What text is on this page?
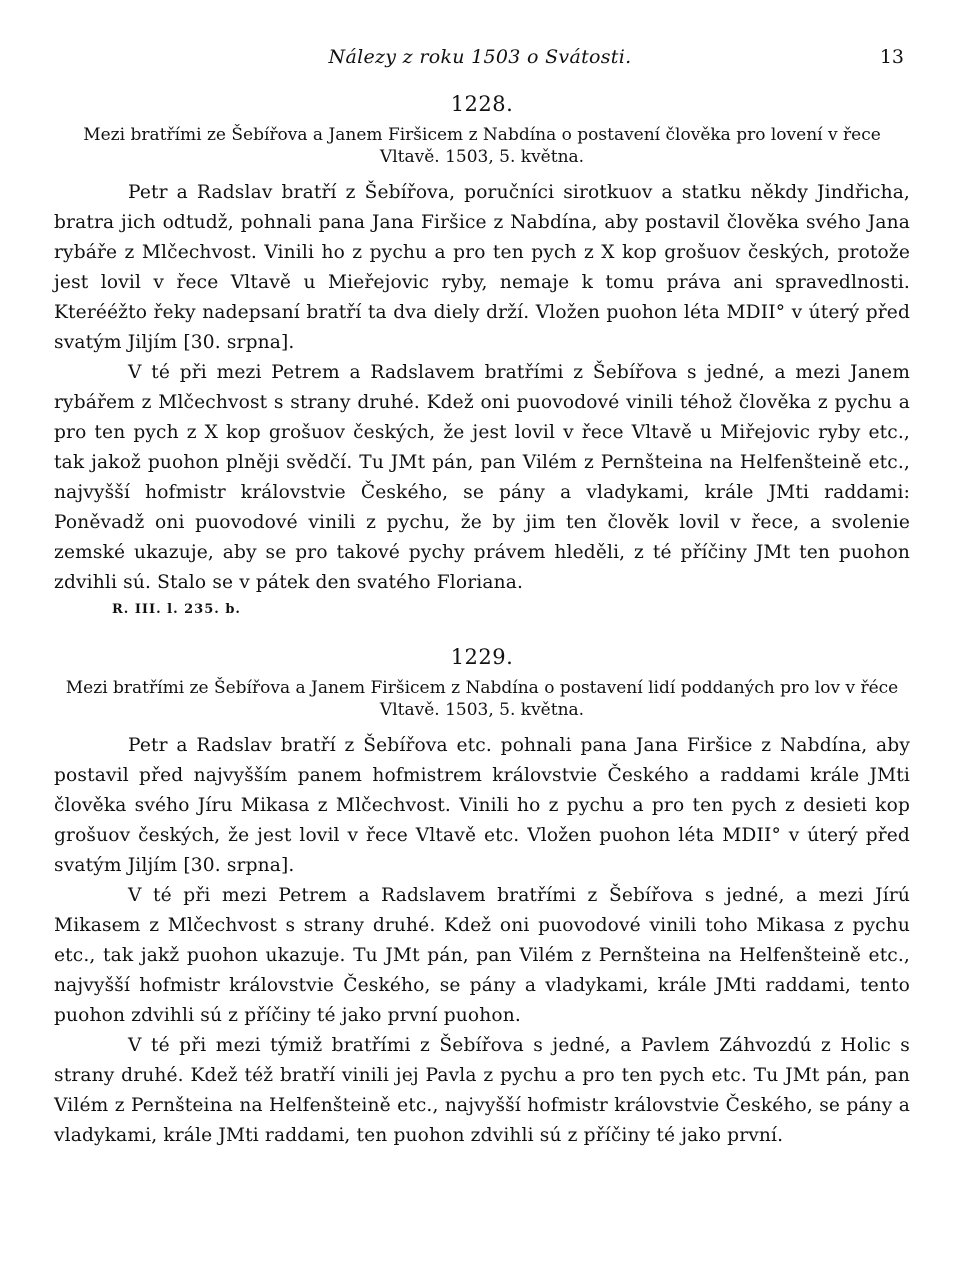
Nálezy z roku 1503 o Svátosti.	13
1228.

Mezi bratřími ze Šebířova a Janem Firšicem z Nabdína o postavení člověka pro lovení v řece Vltavě. 1503, 5. května.

Petr a Radslav bratří z Šebířova, poručníci sirotkuov a statku někdy Jindřicha, bratra jich odtudž, pohnali pana Jana Firšice z Nabdína, aby postavil člověka svého Jana rybáře z Mlčechvost. Vinili ho z pychu a pro ten pych z X kop grošuov českých, protože jest lovil v řece Vltavě u Mieřejovic ryby, nemaje k tomu práva ani spravedlnosti. Kterééžto řeky nadepsaní bratří ta dva diely drží. Vložen puohon léta MDII° v úterý před svatým Jiljím [30. srpna].

V té při mezi Petrem a Radslavem bratřími z Šebířova s jedné, a mezi Janem rybářem z Mlčechvost s strany druhé. Kdež oni puovodové vinili téhož člověka z pychu a pro ten pych z X kop grošuov českých, že jest lovil v řece Vltavě u Miřejovic ryby etc., tak jakož puohon plněji svědčí. Tu JMt pán, pan Vilém z Pernšteina na Helfenšteině etc., najvyšší hofmistr královstvie Českého, se pány a vladykami, krále JMti raddami: Poněvadž oni puovodové vinili z pychu, že by jim ten člověk lovil v řece, a svolenie zemské ukazuje, aby se pro takové pychy právem hleděli, z té příčiny JMt ten puohon zdvihli sú. Stalo se v pátek den svatého Floriana.

R. III. l. 235. b.
1229.

Mezi bratřími ze Šebířova a Janem Firšicem z Nabdína o postavení lidí poddaných pro lov v řéce Vltavě. 1503, 5. května.

Petr a Radslav bratří z Šebířova etc. pohnali pana Jana Firšice z Nabdína, aby postavil před najvyšším panem hofmistrem královstvie Českého a raddami krále JMti člověka svého Jíru Mikasa z Mlčechvost. Vinili ho z pychu a pro ten pych z desieti kop grošuov českých, že jest lovil v řece Vltavě etc. Vložen puohon léta MDII° v úterý před svatým Jiljím [30. srpna].

V té při mezi Petrem a Radslavem bratřími z Šebířova s jedné, a mezi Jírú Mikasem z Mlčechvost s strany druhé. Kdež oni puovodové vinili toho Mikasa z pychu etc., tak jakž puohon ukazuje. Tu JMt pán, pan Vilém z Pernšteina na Helfenšteině etc., najvyšší hofmistr královstvie Českého, se pány a vladykami, krále JMti raddami, tento puohon zdvihli sú z příčiny té jako první puohon.

V té při mezi týmiž bratřími z Šebířova s jedné, a Pavlem Záhvozdú z Holic s strany druhé. Kdež též bratří vinili jej Pavla z pychu a pro ten pych etc. Tu JMt pán, pan Vilém z Pernšteina na Helfenšteině etc., najvyšší hofmistr královstvie Českého, se pány a vladykami, krále JMti raddami, ten puohon zdvihli sú z příčiny té jako první.
